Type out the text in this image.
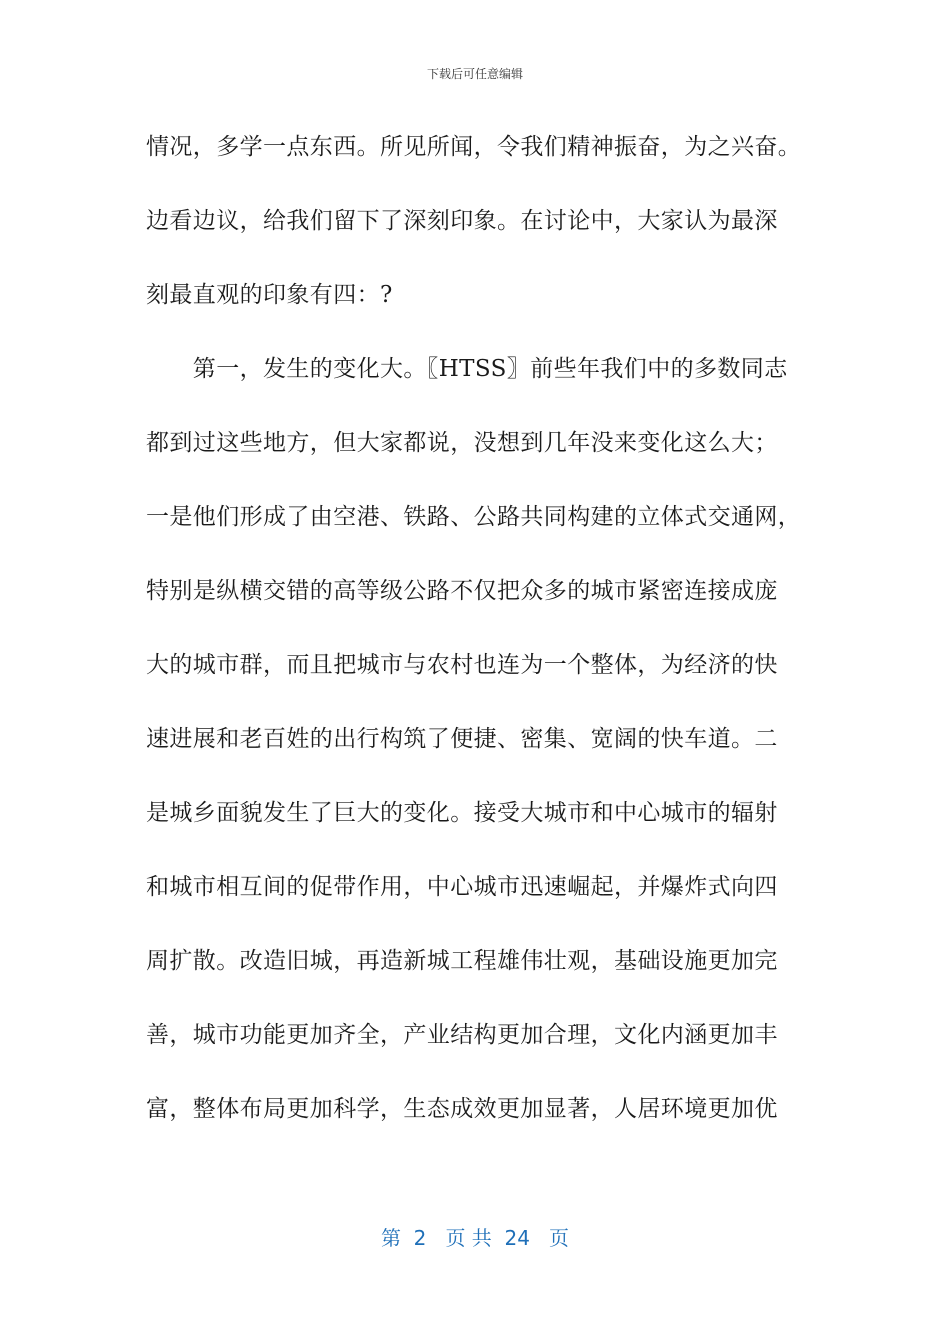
下载后可任意编辑
情况，多学一点东西。所见所闻，令我们精神振奋，为之兴奋。
边看边议，给我们留下了深刻印象。在讨论中，大家认为最深
刻最直观的印象有四：?
　　第一，发生的变化大。〖HTSS〗前些年我们中的多数同志
都到过这些地方，但大家都说，没想到几年没来变化这么大；
一是他们形成了由空港、铁路、公路共同构建的立体式交通网，
特别是纵横交错的高等级公路不仅把众多的城市紧密连接成庞
大的城市群，而且把城市与农村也连为一个整体，为经济的快
速进展和老百姓的出行构筑了便捷、密集、宽阔的快车道。二
是城乡面貌发生了巨大的变化。接受大城市和中心城市的辐射
和城市相互间的促带作用，中心城市迅速崛起，并爆炸式向四
周扩散。改造旧城，再造新城工程雄伟壮观，基础设施更加完
善，城市功能更加齐全，产业结构更加合理，文化内涵更加丰
富，整体布局更加科学，生态成效更加显著，人居环境更加优
第  2   页 共  24   页
